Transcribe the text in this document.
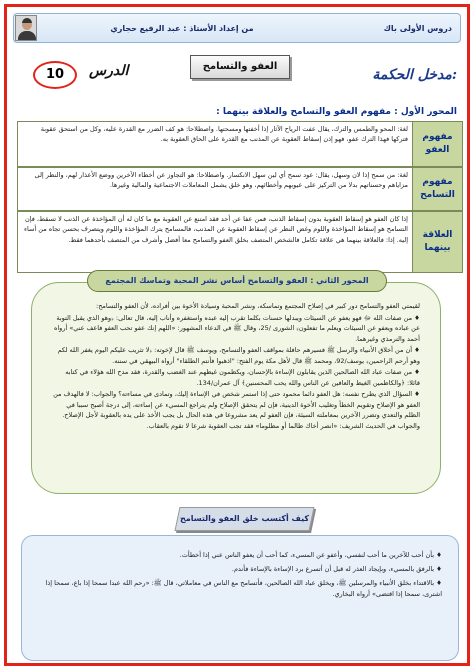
دروس الأولى باك
من إعداد الأستاذ : عبد الرفيع حجاري
10	الدرس	العفو والتسامح
مدخل الحكمة:
المحور الأول : مفهوم العفو والتسامح والعلاقة بينهما :
مفهوم العفو
لغة: المحو والطمس والترك، يقال عفت الرياح الآثار إذا أخفتها ومسحتها. واصطلاحا: هو كف الضرر مع القدرة عليه، وكل من استحق عقوبة فتركها فهذا الترك عفو، فهو إذن إسقاط العقوبة عن المذنب مع القدرة على الحاق العقوبة به.
مفهوم التسامح
لغة: من سمح إذا لان وسهل، يقال: عود سمح أي لين سهل الانكسار. واصطلاحا: هو التجاوز عن أخطاء الآخرين ووضع الأعذار لهم، والنظر إلى مزاياهم وحسناتهم بدلا من التركيز على عيوبهم وأخطائهم، وهو خلق يشمل المعاملات الاجتماعية والمالية وغيرها.
العلاقة بينهما
إذا كان العفو هو إسقاط العقوبة بدون إسقاط الذنب، فمن عفا عن أحد فقد امتنع عن العقوبة مع ما كان له أن المؤاخذة عن الذنب لا تسقط، فإن التسامح هو إسقاط المؤاخذة واللوم وغض النظر عن إسقاط العقوبة عن المذنب، فالمسامح يترك المؤاخذة واللوم ويتصرف بحسن تجاه من أساء إليه. إذا: فالعلاقة بينهما هي علاقة تكامل فالشخص المتصف بخلق العفو والتسامح معا أفضل وأشرف من المتصف بأحدهما فقط.

لقيمتي العفو والتسامح دور كبير في إصلاح المجتمع وتماسكه، ونشر المحبة وسيادة الأخوة بين أفراده، لأن العفو والتسامح:

♦ من صفات الله ﷻ فهو يعفو عن السيئات ويبدلها حسنات بكلما تقرب إليه عبده واستغفره وأناب إليه، قال تعالى: ﴿وهو الذي يقبل التوبة عن عباده ويعفو عن السيئات ويعلم ما تفعلون﴾ الشورى /25، وقال ﷺ في الدعاء المشهور: «اللهم إنك عفو تحب العفو فاعف عني» أرواه أحمد والترمذي وغيرهما.

♦ أن من أخلاق الأنبياء والرسل ﷺ فسيرهم حافلة بمواقف العفو والتسامح، ويوسف ﷺ قال لإخوته: ﴿لا تثريب عليكم اليوم يغفر الله لكم وهو أرحم الراحمين﴾ يوسف/92، ومحمد ﷺ قال لأهل مكة يوم الفتح: "اذهبوا فأنتم الطلقاء" أرواه البيهقي في سننه.

♦ من صفات عباد الله الصالحين الذين يقابلون الإساءة بالإحسان، ويكظمون غيظهم عند الغضب والقدرة، فقد مدح الله هؤلاء في كتابه قائلا: ﴿والكاظمين الغيظ والعافين عن الناس والله يحب المحسنين﴾ آل عمران/134.

♦ السؤال الذي يطرح نفسه: هل العفو دائما محمود حتى إذا استمر شخص في الإساءة إليك، وتمادى في مساءته؟ والجواب: لا فالهدف من العفو هو الإصلاح وتقويم الخطأ وتغليب الأخوة الدينية، فإن لم يتحقق الإصلاح ولم يتراجع المسيء عن إساءته، إلى درجة أصبح سببا في الظلم والتعدي وتضرر الآخرين بمعاملته السيئة، فإن العفو لم يعد مشروعا في هذه الحال بل يجب الأخذ على يده بالعقوبة لأجل الإصلاح. والجواب في الحديث الشريف: «انصر أخاك ظالما أو مظلوما» فقد تجب العقوبة شرعا لا تقوم بالعقاب.

المحور الثاني : العفو والتسامح أساس نشر المحبة وتماسك المجتمع
كيف أكتسب خلق العفو والتسامح

♦ بأن أحب للآخرين ما أحب لنفسي، وأعفو عن المسيء، كما أحب أن يعفو الناس عني إذا أخطأت.

♦ بالرفق بالمسيء، وبإيجاد العذر له قبل أن أتسرع برد الإساءة بالإساءة فأندم.

♦ بالاقتداء بخلق الأنبياء والمرسلين ﷺ، ويخلق عباد الله الصالحين، فأتسامح مع الناس في معاملاتي، قال ﷺ: «رحم الله عبدا سمحا إذا باع، سمحا إذا اشترى، سمحا إذا اقتضى» أرواه البخاري.
